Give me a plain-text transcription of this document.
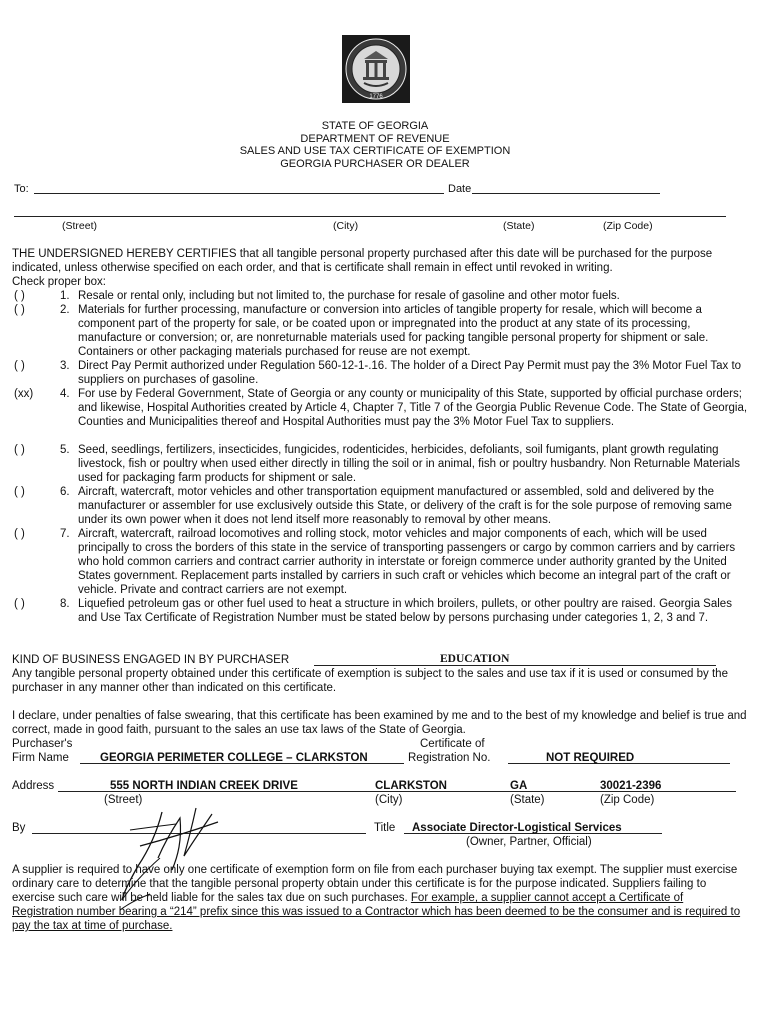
1776
STATE OF GEORGIA
DEPARTMENT OF REVENUE
SALES AND USE TAX CERTIFICATE OF EXEMPTION
GEORGIA PURCHASER OR DEALER
To:	Date
(Street)	(City)	(State)	(Zip Code)
THE UNDERSIGNED HEREBY CERTIFIES that all tangible personal property purchased after this date will be purchased for the purpose indicated, unless otherwise specified on each order, and that is certificate shall remain in effect until revoked in writing.
Check proper box:
( )	1. Resale or rental only, including but not limited to, the purchase for resale of gasoline and other motor fuels.
( )	2. Materials for further processing, manufacture or conversion into articles of tangible property for resale, which will become a component part of the property for sale, or be coated upon or impregnated into the product at any state of its processing, manufacture or conversion; or, are nonreturnable materials used for packing tangible personal property for shipment or sale. Containers or other packaging materials purchased for reuse are not exempt.
( )	3. Direct Pay Permit authorized under Regulation 560-12-1-.16. The holder of a Direct Pay Permit must pay the 3% Motor Fuel Tax to suppliers on purchases of gasoline.
(xx)	4. For use by Federal Government, State of Georgia or any county or municipality of this State, supported by official purchase orders; and likewise, Hospital Authorities created by Article 4, Chapter 7, Title 7 of the Georgia Public Revenue Code. The State of Georgia, Counties and Municipalities thereof and Hospital Authorities must pay the 3% Motor Fuel Tax to suppliers.
( )	5. Seed, seedlings, fertilizers, insecticides, fungicides, rodenticides, herbicides, defoliants, soil fumigants, plant growth regulating livestock, fish or poultry when used either directly in tilling the soil or in animal, fish or poultry husbandry. Non Returnable Materials used for packaging farm products for shipment or sale.
( )	6. Aircraft, watercraft, motor vehicles and other transportation equipment manufactured or assembled, sold and delivered by the manufacturer or assembler for use exclusively outside this State, or delivery of the craft is for the sole purpose of removing same under its own power when it does not lend itself more reasonably to removal by other means.
( )	7. Aircraft, watercraft, railroad locomotives and rolling stock, motor vehicles and major components of each, which will be used principally to cross the borders of this state in the service of transporting passengers or cargo by common carriers and by carriers who hold common carriers and contract carrier authority in interstate or foreign commerce under authority granted by the United States government. Replacement parts installed by carriers in such craft or vehicles which become an integral part of the craft or vehicle. Private and contract carriers are not exempt.
( )	8. Liquefied petroleum gas or other fuel used to heat a structure in which broilers, pullets, or other poultry are raised. Georgia Sales and Use Tax Certificate of Registration Number must be stated below by persons purchasing under categories 1, 2, 3 and 7.
KIND OF BUSINESS ENGAGED IN BY PURCHASER	EDUCATION
Any tangible personal property obtained under this certificate of exemption is subject to the sales and use tax if it is used or consumed by the purchaser in any manner other than indicated on this certificate.
I declare, under penalties of false swearing, that this certificate has been examined by me and to the best of my knowledge and belief is true and correct, made in good faith, pursuant to the sales an use tax laws of the State of Georgia.
Purchaser's	Certificate of
Firm Name	GEORGIA PERIMETER COLLEGE – CLARKSTON	Registration No.	NOT REQUIRED
Address	555 NORTH INDIAN CREEK DRIVE	CLARKSTON	GA	30021-2396
(Street)	(City)	(State)	(Zip Code)
By	Title Associate Director-Logistical Services
(Owner, Partner, Official)
A supplier is required to have only one certificate of exemption form on file from each purchaser buying tax exempt. The supplier must exercise ordinary care to determine that the tangible personal property obtain under this certificate is for the purpose indicated. Suppliers failing to exercise such care will be held liable for the sales tax due on such purchases. For example, a supplier cannot accept a Certificate of Registration number bearing a “214” prefix since this was issued to a Contractor which has been deemed to be the consumer and is required to pay the tax at time of purchase.
